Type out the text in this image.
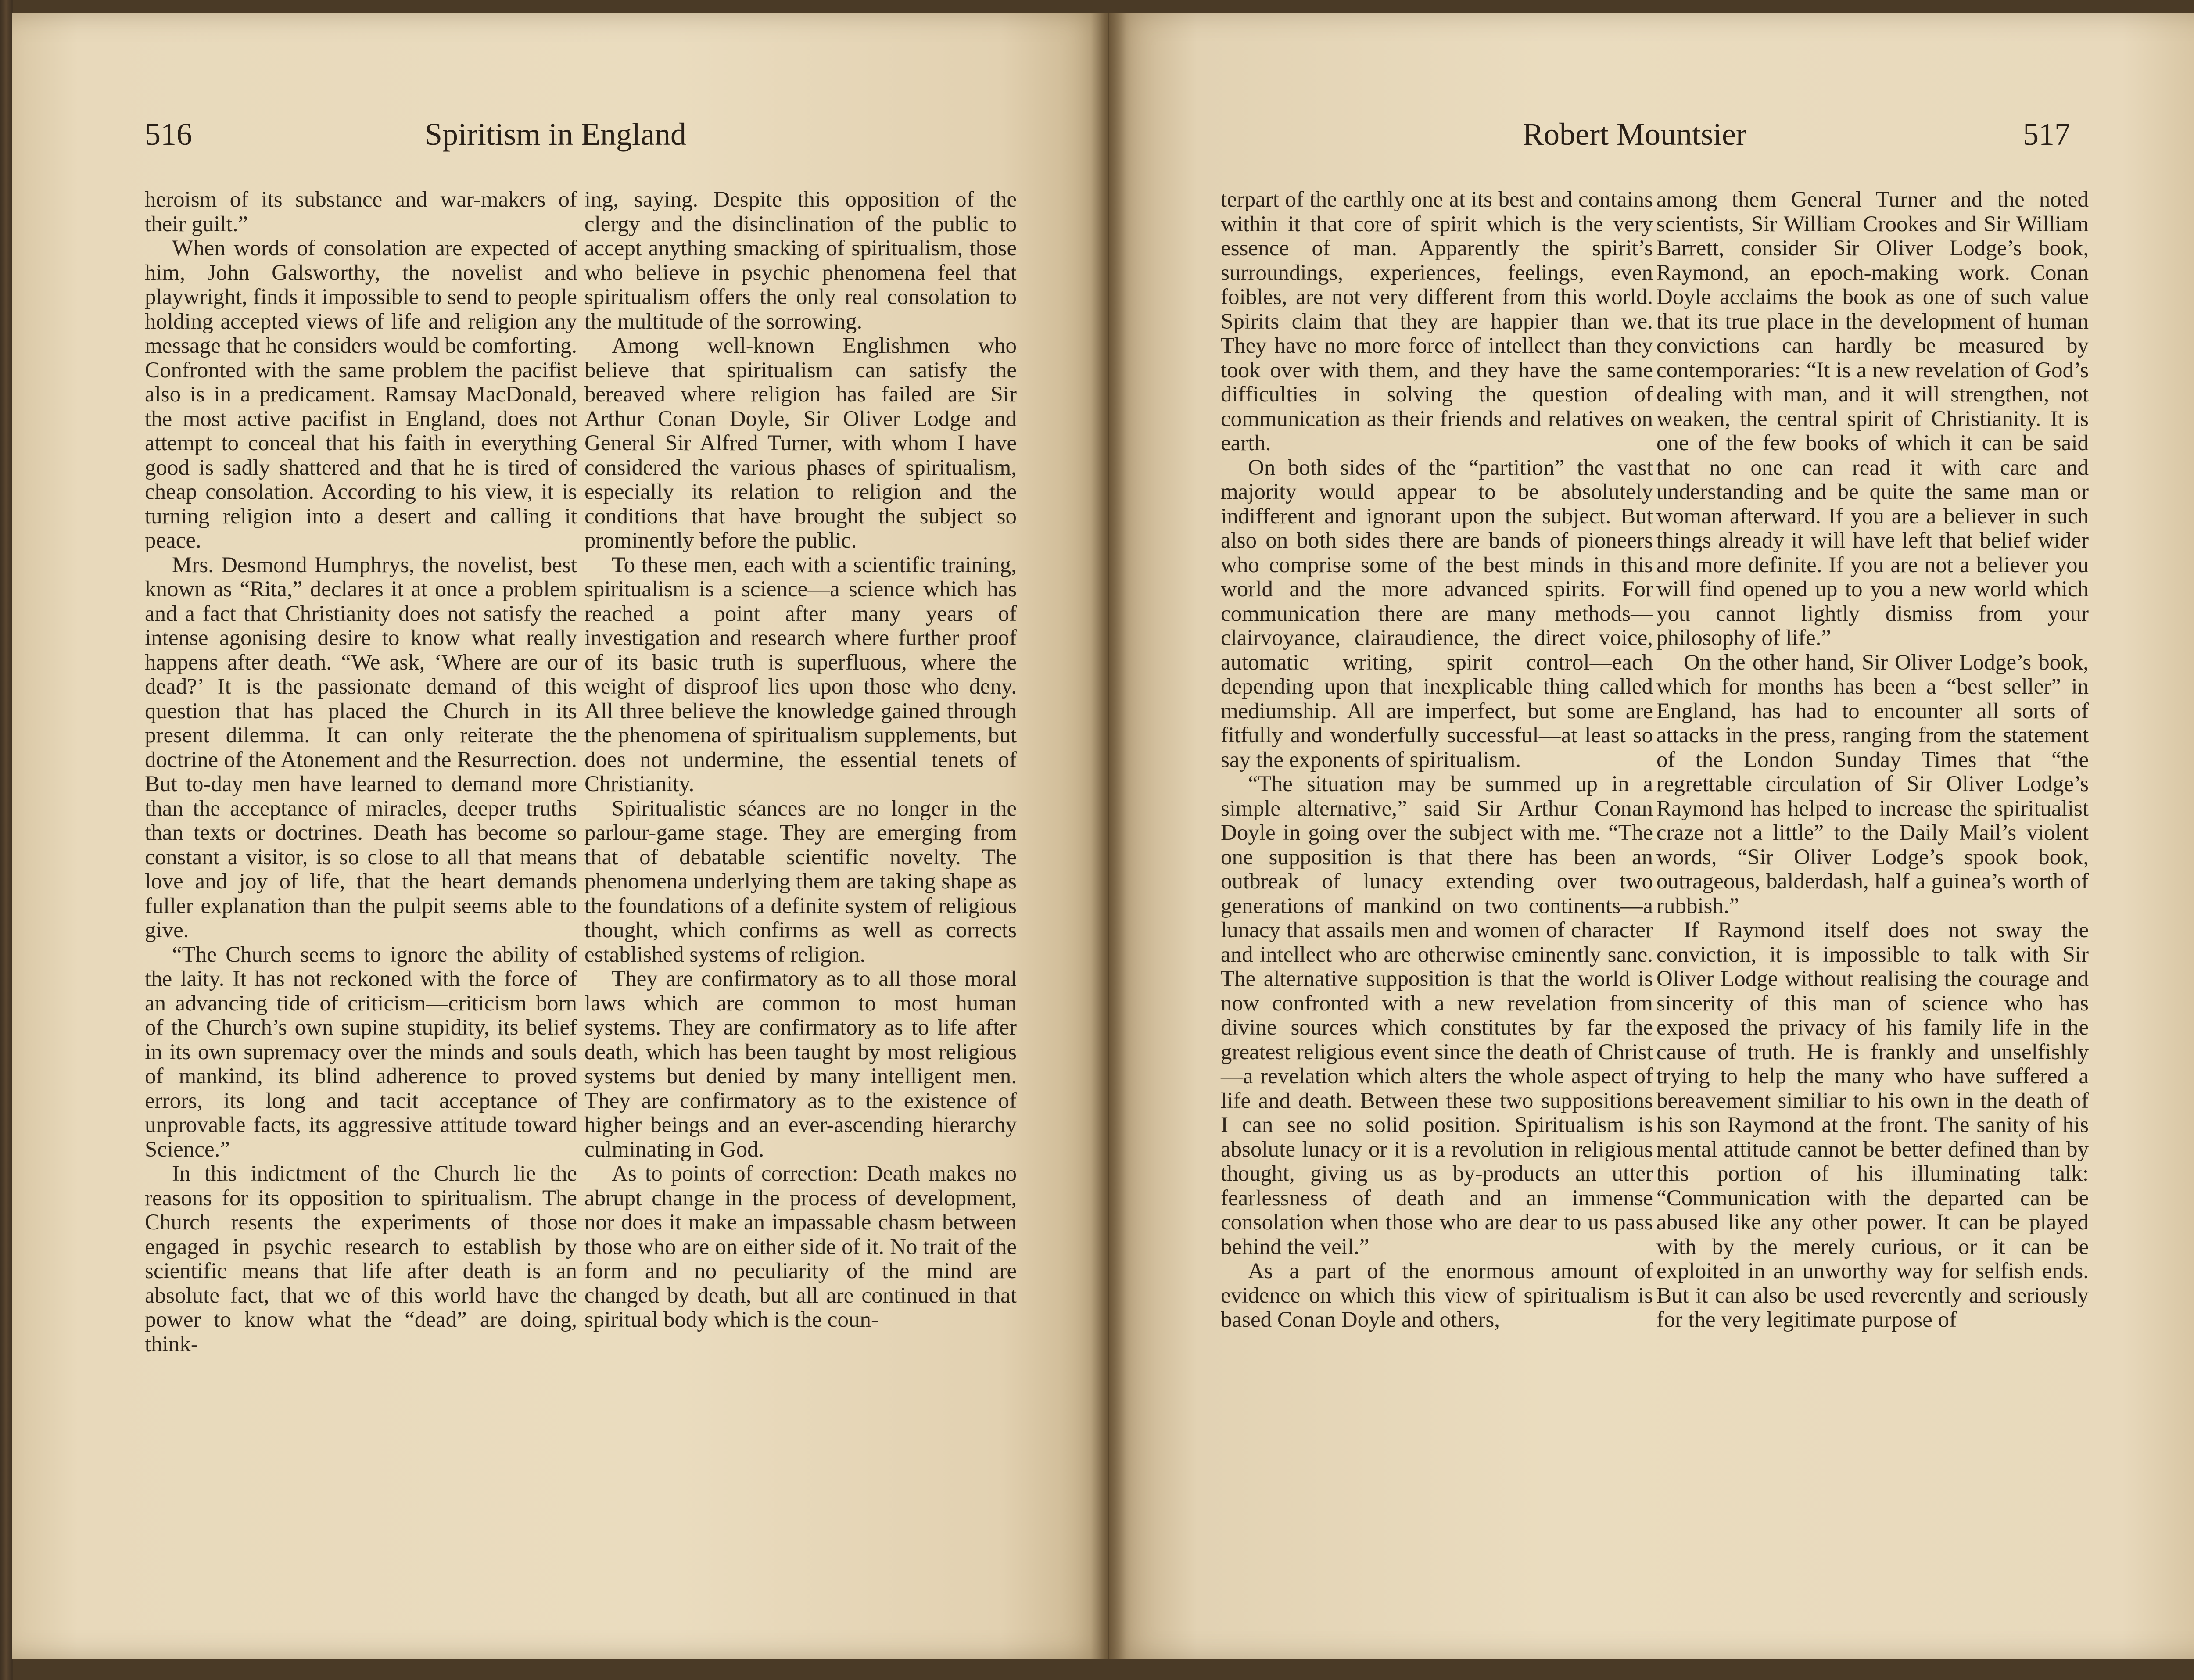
516	Spiritism in England

heroism of its substance and war-makers of their guilt.”

When words of consolation are expected of him, John Galsworthy, the novelist and playwright, finds it impossible to send to people holding accepted views of life and religion any message that he considers would be comforting. Confronted with the same problem the pacifist also is in a predicament. Ramsay MacDonald, the most active pacifist in England, does not attempt to conceal that his faith in everything good is sadly shattered and that he is tired of cheap consolation. According to his view, it is turning religion into a desert and calling it peace.

Mrs. Desmond Humphrys, the novelist, best known as “Rita,” declares it at once a problem and a fact that Christianity does not satisfy the intense agonising desire to know what really happens after death. “We ask, ‘Where are our dead?’ It is the passionate demand of this question that has placed the Church in its present dilemma. It can only reiterate the doctrine of the Atonement and the Resurrection. But to-day men have learned to demand more than the acceptance of miracles, deeper truths than texts or doctrines. Death has become so constant a visitor, is so close to all that means love and joy of life, that the heart demands fuller explanation than the pulpit seems able to give.

“The Church seems to ignore the ability of the laity. It has not reckoned with the force of an advancing tide of criticism—criticism born of the Church’s own supine stupidity, its belief in its own supremacy over the minds and souls of mankind, its blind adherence to proved errors, its long and tacit acceptance of unprovable facts, its aggressive attitude toward Science.”

In this indictment of the Church lie the reasons for its opposition to spiritualism. The Church resents the experiments of those engaged in psychic research to establish by scientific means that life after death is an absolute fact, that we of this world have the power to know what the “dead” are doing, think-

ing, saying. Despite this opposition of the clergy and the disinclination of the public to accept anything smacking of spiritualism, those who believe in psychic phenomena feel that spiritualism offers the only real consolation to the multitude of the sorrowing.

Among well-known Englishmen who believe that spiritualism can satisfy the bereaved where religion has failed are Sir Arthur Conan Doyle, Sir Oliver Lodge and General Sir Alfred Turner, with whom I have considered the various phases of spiritualism, especially its relation to religion and the conditions that have brought the subject so prominently before the public.

To these men, each with a scientific training, spiritualism is a science—a science which has reached a point after many years of investigation and research where further proof of its basic truth is superfluous, where the weight of disproof lies upon those who deny. All three believe the knowledge gained through the phenomena of spiritualism supplements, but does not undermine, the essential tenets of Christianity.

Spiritualistic séances are no longer in the parlour-game stage. They are emerging from that of debatable scientific novelty. The phenomena underlying them are taking shape as the foundations of a definite system of religious thought, which confirms as well as corrects established systems of religion.

They are confirmatory as to all those moral laws which are common to most human systems. They are confirmatory as to life after death, which has been taught by most religious systems but denied by many intelligent men. They are confirmatory as to the existence of higher beings and an ever-ascending hierarchy culminating in God.

As to points of correction: Death makes no abrupt change in the process of development, nor does it make an impassable chasm between those who are on either side of it. No trait of the form and no peculiarity of the mind are changed by death, but all are continued in that spiritual body which is the coun-

Robert Mountsier	517

terpart of the earthly one at its best and contains within it that core of spirit which is the very essence of man. Apparently the spirit’s surroundings, experiences, feelings, even foibles, are not very different from this world. Spirits claim that they are happier than we. They have no more force of intellect than they took over with them, and they have the same difficulties in solving the question of communication as their friends and relatives on earth.

On both sides of the “partition” the vast majority would appear to be absolutely indifferent and ignorant upon the subject. But also on both sides there are bands of pioneers who comprise some of the best minds in this world and the more advanced spirits. For communication there are many methods—clairvoyance, clairaudience, the direct voice, automatic writing, spirit control—each depending upon that inexplicable thing called mediumship. All are imperfect, but some are fitfully and wonderfully successful—at least so say the exponents of spiritualism.

“The situation may be summed up in a simple alternative,” said Sir Arthur Conan Doyle in going over the subject with me. “The one supposition is that there has been an outbreak of lunacy extending over two generations of mankind on two continents—a lunacy that assails men and women of character and intellect who are otherwise eminently sane. The alternative supposition is that the world is now confronted with a new revelation from divine sources which constitutes by far the greatest religious event since the death of Christ—a revelation which alters the whole aspect of life and death. Between these two suppositions I can see no solid position. Spiritualism is absolute lunacy or it is a revolution in religious thought, giving us as by-products an utter fearlessness of death and an immense consolation when those who are dear to us pass behind the veil.”

As a part of the enormous amount of evidence on which this view of spiritualism is based Conan Doyle and others,

among them General Turner and the noted scientists, Sir William Crookes and Sir William Barrett, consider Sir Oliver Lodge’s book, Raymond, an epoch-making work. Conan Doyle acclaims the book as one of such value that its true place in the development of human convictions can hardly be measured by contemporaries: “It is a new revelation of God’s dealing with man, and it will strengthen, not weaken, the central spirit of Christianity. It is one of the few books of which it can be said that no one can read it with care and understanding and be quite the same man or woman afterward. If you are a believer in such things already it will have left that belief wider and more definite. If you are not a believer you will find opened up to you a new world which you cannot lightly dismiss from your philosophy of life.”

On the other hand, Sir Oliver Lodge’s book, which for months has been a “best seller” in England, has had to encounter all sorts of attacks in the press, ranging from the statement of the London Sunday Times that “the regrettable circulation of Sir Oliver Lodge’s Raymond has helped to increase the spiritualist craze not a little” to the Daily Mail’s violent words, “Sir Oliver Lodge’s spook book, outrageous, balderdash, half a guinea’s worth of rubbish.”

If Raymond itself does not sway the conviction, it is impossible to talk with Sir Oliver Lodge without realising the courage and sincerity of this man of science who has exposed the privacy of his family life in the cause of truth. He is frankly and unselfishly trying to help the many who have suffered a bereavement similiar to his own in the death of his son Raymond at the front. The sanity of his mental attitude cannot be better defined than by this portion of his illuminating talk: “Communication with the departed can be abused like any other power. It can be played with by the merely curious, or it can be exploited in an unworthy way for selfish ends. But it can also be used reverently and seriously for the very legitimate purpose of
